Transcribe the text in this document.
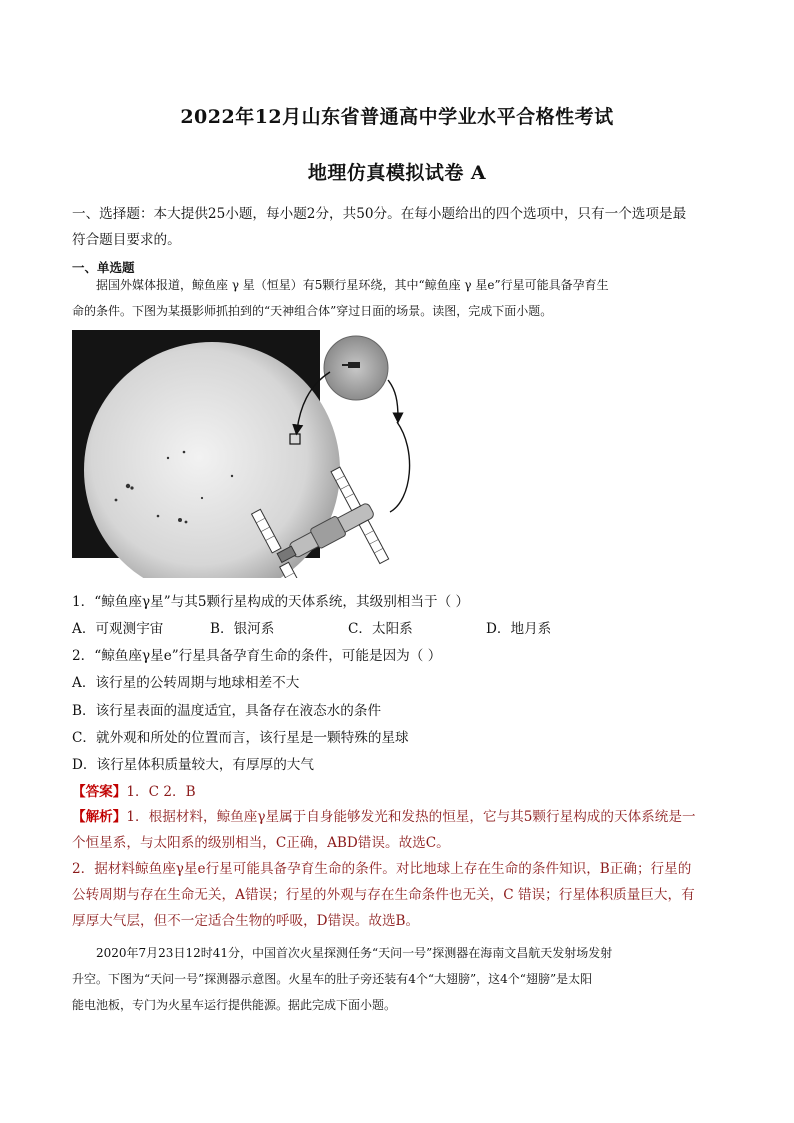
2022年12月山东省普通高中学业水平合格性考试
地理仿真模拟试卷 A
一、选择题：本大提供25小题，每小题2分，共50分。在每小题给出的四个选项中，只有一个选项是最
符合题目要求的。
一、单选题
据国外媒体报道，鲸鱼座 γ 星（恒星）有5颗行星环绕，其中“鲸鱼座 γ 星e”行星可能具备孕育生
命的条件。下图为某摄影师抓拍到的“天神组合体”穿过日面的场景。读图，完成下面小题。
1．“鲸鱼座γ星”与其5颗行星构成的天体系统，其级别相当于（ ）
A．可观测宇宙	B．银河系	C．太阳系	D．地月系
2．“鲸鱼座γ星e”行星具备孕育生命的条件，可能是因为（ ）
A．该行星的公转周期与地球相差不大
B．该行星表面的温度适宜，具备存在液态水的条件
C．就外观和所处的位置而言，该行星是一颗特殊的星球
D．该行星体积质量较大，有厚厚的大气
【答案】1．C 2．B
【解析】1．根据材料，鲸鱼座γ星属于自身能够发光和发热的恒星，它与其5颗行星构成的天体系统是一
个恒星系，与太阳系的级别相当，C正确，ABD错误。故选C。
2．据材料鲸鱼座γ星e行星可能具备孕育生命的条件。对比地球上存在生命的条件知识，B正确；行星的
公转周期与存在生命无关，A错误；行星的外观与存在生命条件也无关，C 错误；行星体积质量巨大，有
厚厚大气层，但不一定适合生物的呼吸，D错误。故选B。
2020年7月23日12时41分，中国首次火星探测任务“天问一号”探测器在海南文昌航天发射场发射
升空。下图为“天问一号”探测器示意图。火星车的肚子旁还装有4个“大翅膀”，这4个“翅膀”是太阳
能电池板，专门为火星车运行提供能源。据此完成下面小题。
